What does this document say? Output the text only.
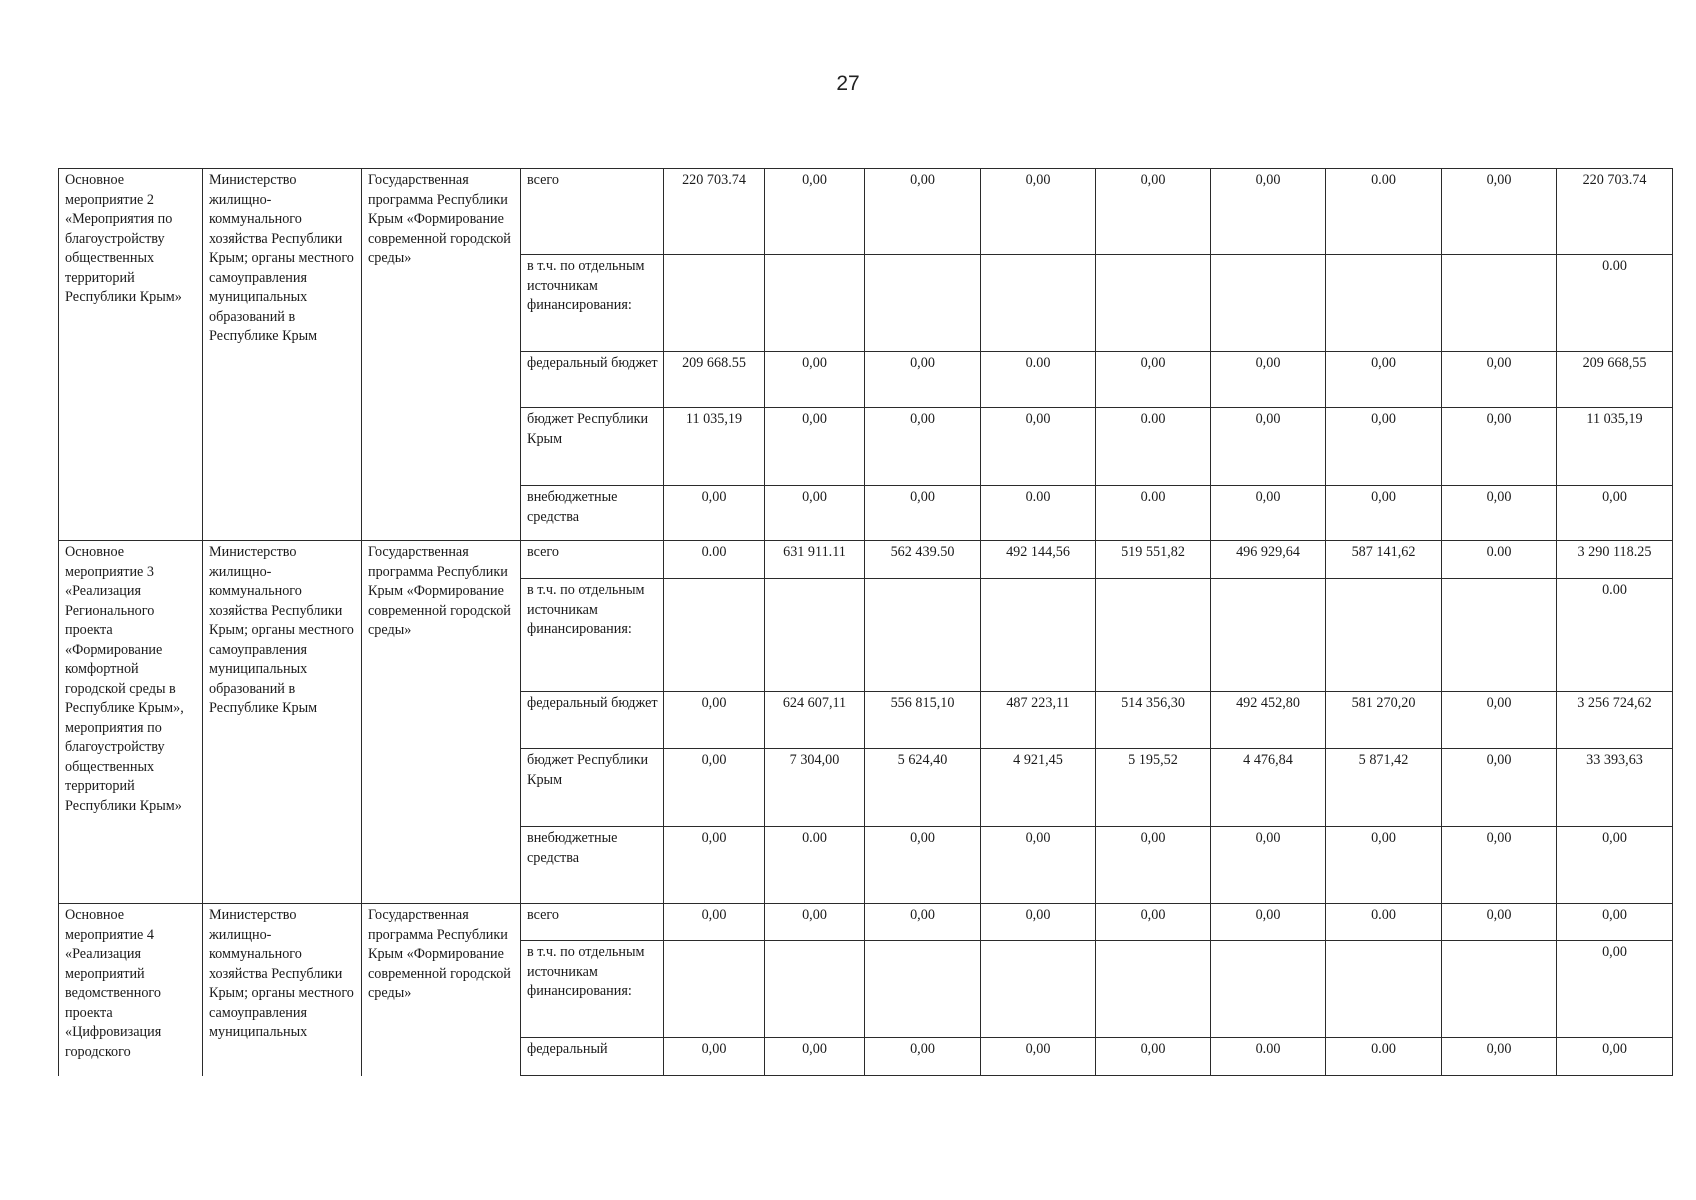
27
Основное мероприятие 2 «Мероприятия по благоустройству общественных территорий Республики Крым»	Министерство жилищно-коммунального хозяйства Республики Крым; органы местного самоуправления муниципальных образований в Республике Крым	Государственная программа Республики Крым «Формирование современной городской среды»	всего	220 703.74	0,00	0,00	0,00	0,00	0,00	0.00	0,00	220 703.74
			в т.ч. по отдельным источникам финансирования:									0.00
			федеральный бюджет	209 668.55	0,00	0,00	0.00	0,00	0,00	0,00	0,00	209 668,55
			бюджет Республики Крым	11 035,19	0,00	0,00	0,00	0.00	0,00	0,00	0,00	11 035,19
			внебюджетные средства	0,00	0,00	0,00	0.00	0.00	0,00	0,00	0,00	0,00
Основное мероприятие 3 «Реализация Регионального проекта «Формирование комфортной городской среды в Республике Крым», мероприятия по благоустройству общественных территорий Республики Крым»	Министерство жилищно-коммунального хозяйства Республики Крым; органы местного самоуправления муниципальных образований в Республике Крым	Государственная программа Республики Крым «Формирование современной городской среды»	всего	0.00	631 911.11	562 439.50	492 144,56	519 551,82	496 929,64	587 141,62	0.00	3 290 118.25
			в т.ч. по отдельным источникам финансирования:									0.00
			федеральный бюджет	0,00	624 607,11	556 815,10	487 223,11	514 356,30	492 452,80	581 270,20	0,00	3 256 724,62
			бюджет Республики Крым	0,00	7 304,00	5 624,40	4 921,45	5 195,52	4 476,84	5 871,42	0,00	33 393,63
			внебюджетные средства	0,00	0.00	0,00	0,00	0,00	0,00	0,00	0,00	0,00
Основное мероприятие 4 «Реализация мероприятий ведомственного проекта «Цифровизация городского	Министерство жилищно-коммунального хозяйства Республики Крым; органы местного самоуправления муниципальных	Государственная программа Республики Крым «Формирование современной городской среды»	всего	0,00	0,00	0,00	0,00	0,00	0,00	0.00	0,00	0,00
			в т.ч. по отдельным источникам финансирования:									0,00
			федеральный	0,00	0,00	0,00	0,00	0,00	0.00	0.00	0,00	0,00
